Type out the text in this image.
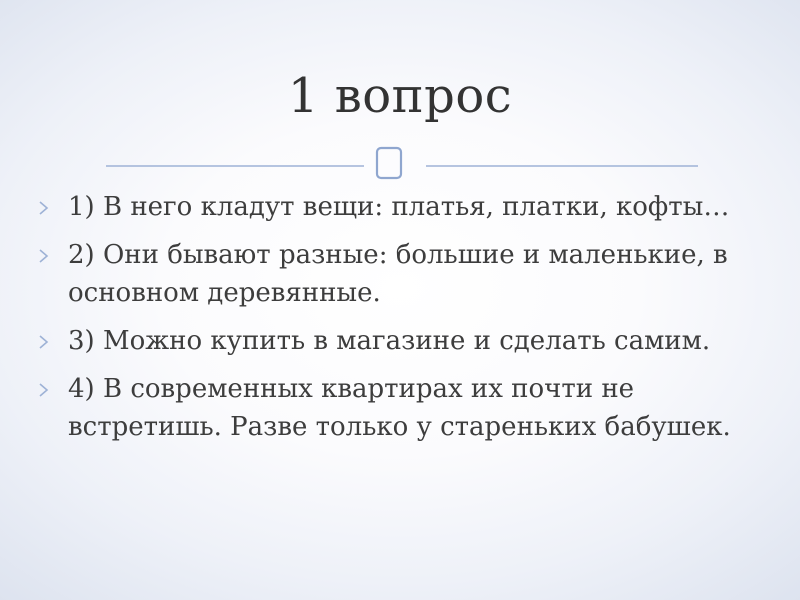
1 вопрос
1) В него кладут вещи: платья, платки, кофты…
2) Они бывают разные: большие и маленькие, в основном деревянные.
3) Можно купить в магазине и сделать самим.
4) В современных квартирах их почти не встретишь. Разве только у стареньких бабушек.
